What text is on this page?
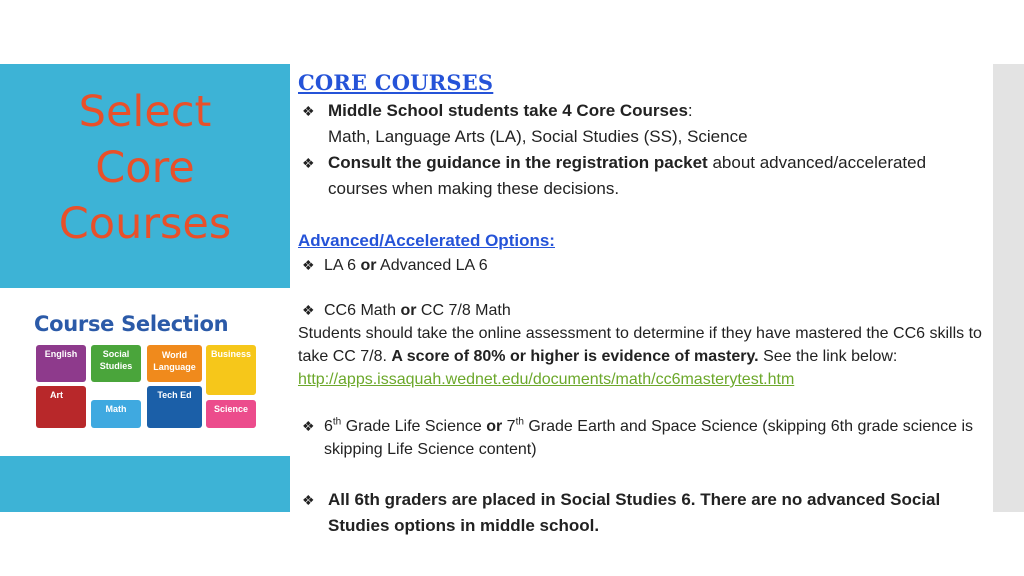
Select
Core
Courses
Course Selection
English	Social Studies
World Language
Business
Art
Math
Tech Ed
Science
CORE COURSES
❖ Middle School students take 4 Core Courses:
Math, Language Arts (LA), Social Studies (SS), Science
❖ Consult the guidance in the registration packet about advanced/accelerated
courses when making these decisions.
Advanced/Accelerated Options:
❖ LA 6 or Advanced LA 6
❖ CC6 Math or CC 7/8 Math
Students should take the online assessment to determine if they have mastered the CC6 skills to
take CC 7/8. A score of 80% or higher is evidence of mastery. See the link below:
http://apps.issaquah.wednet.edu/documents/math/cc6masterytest.htm
❖ 6th Grade Life Science or 7th Grade Earth and Space Science (skipping 6th grade science is
skipping Life Science content)
❖ All 6th graders are placed in Social Studies 6. There are no advanced Social
Studies options in middle school.
